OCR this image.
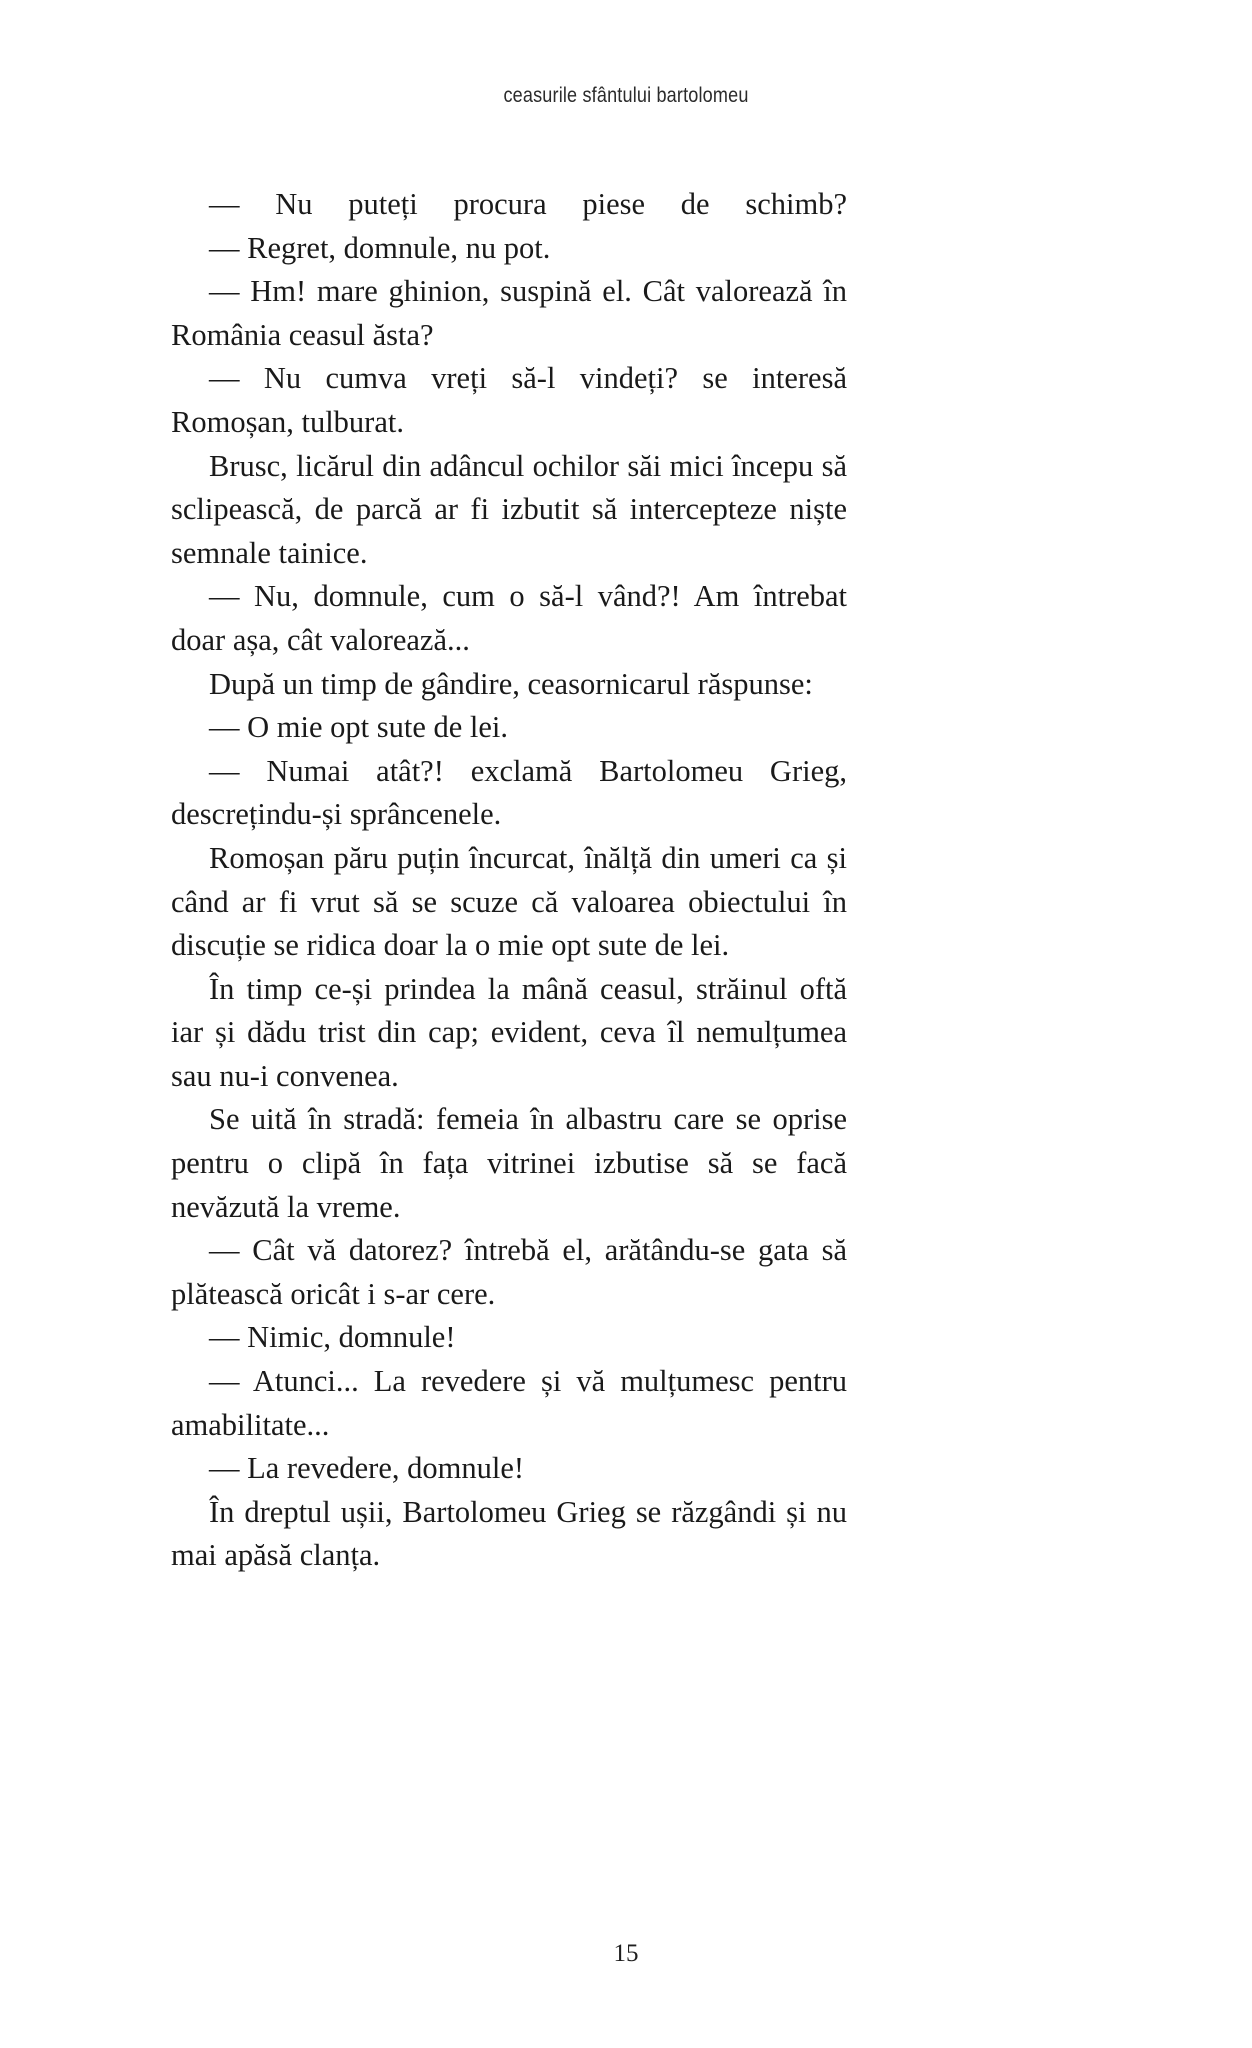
ceasurile sfântului bartolomeu

— Nu puteți procura piese de schimb?

— Regret, domnule, nu pot.

— Hm! mare ghinion, suspină el. Cât valorează în România ceasul ăsta?

— Nu cumva vreți să-l vindeți? se interesă Romoșan, tulburat.

Brusc, licărul din adâncul ochilor săi mici începu să sclipească, de parcă ar fi izbutit să intercepteze niște semnale tainice.

— Nu, domnule, cum o să-l vând?! Am întrebat doar așa, cât valorează...

După un timp de gândire, ceasornicarul răspunse:

— O mie opt sute de lei.

— Numai atât?! exclamă Bartolomeu Grieg, descrețindu-și sprâncenele.

Romoșan păru puțin încurcat, înălță din umeri ca și când ar fi vrut să se scuze că valoarea obiectului în discuție se ridica doar la o mie opt sute de lei.

În timp ce-și prindea la mână ceasul, străinul oftă iar și dădu trist din cap; evident, ceva îl nemulțumea sau nu-i convenea.

Se uită în stradă: femeia în albastru care se oprise pentru o clipă în fața vitrinei izbutise să se facă nevăzută la vreme.

— Cât vă datorez? întrebă el, arătându-se gata să plătească oricât i s-ar cere.

— Nimic, domnule!

— Atunci... La revedere și vă mulțumesc pentru amabilitate...

— La revedere, domnule!

În dreptul ușii, Bartolomeu Grieg se răzgândi și nu mai apăsă clanța.

15
